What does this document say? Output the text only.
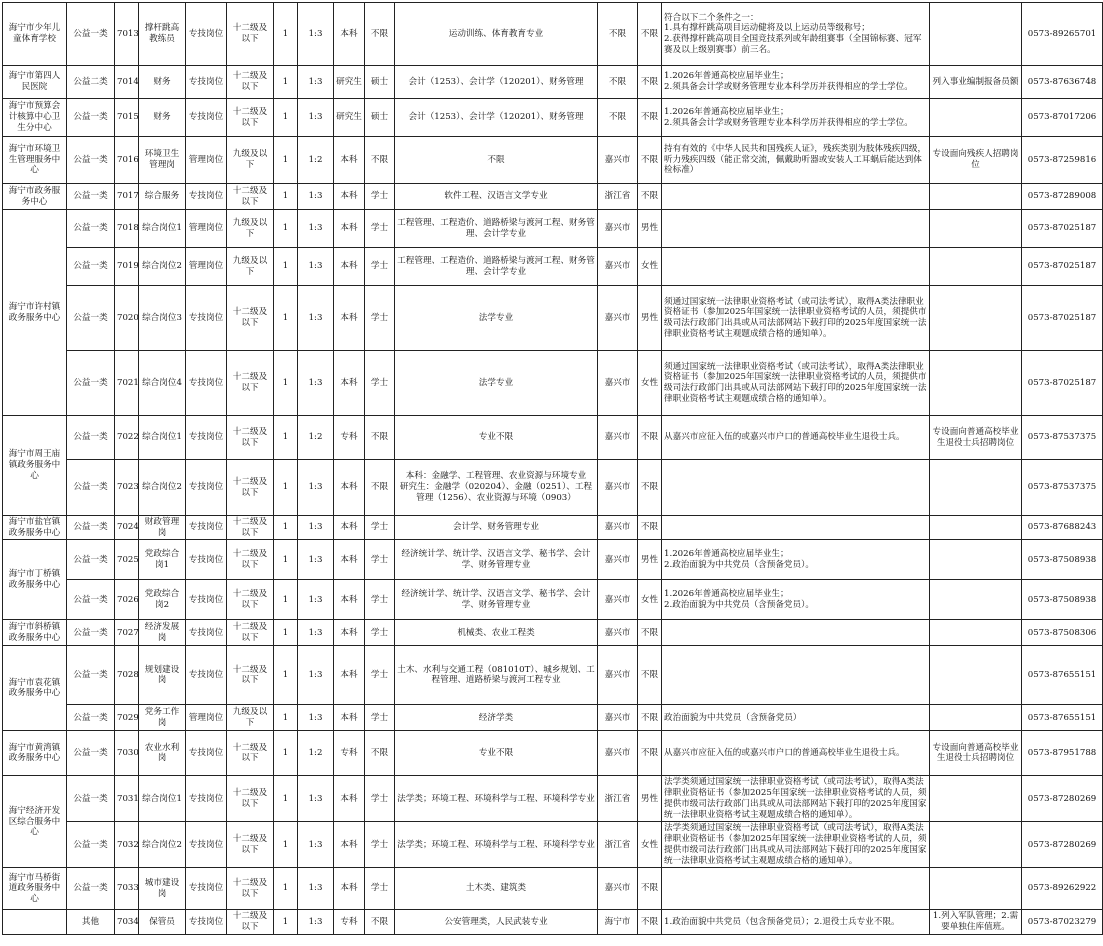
海宁市少年儿童体育学校	公益一类	7013	撑杆跳高教练员	专技岗位	十二级及以下	1	1:3	本科	不限	运动训练、体育教育专业	不限	不限	符合以下二个条件之一：
1.具有撑杆跳高项目运动健将及以上运动员等级称号；
2.获得撑杆跳高项目全国竞技系列或年龄组赛事（全国锦标赛、冠军赛及以上级别赛事）前三名。		0573-89265701
海宁市第四人民医院	公益二类	7014	财务	专技岗位	十二级及以下	1	1:3	研究生	硕士	会计（1253）、会计学（120201）、财务管理	不限	不限	1.2026年普通高校应届毕业生；
2.须具备会计学或财务管理专业本科学历并获得相应的学士学位。	列入事业编制报备员额	0573-87636748
海宁市预算会计核算中心卫生分中心	公益一类	7015	财务	专技岗位	十二级及以下	1	1:3	研究生	硕士	会计（1253）、会计学（120201）、财务管理	不限	不限	1.2026年普通高校应届毕业生；
2.须具备会计学或财务管理专业本科学历并获得相应的学士学位。		0573-87017206
海宁市环境卫生管理服务中心	公益一类	7016	环境卫生管理岗	管理岗位	九级及以下	1	1:2	本科	不限	不限	嘉兴市	不限	持有有效的《中华人民共和国残疾人证》，残疾类别为肢体残疾四级，听力残疾四级（能正常交流，佩戴助听器或安装人工耳蜗后能达到体检标准）	专设面向残疾人招聘岗位	0573-87259816
海宁市政务服务中心	公益一类	7017	综合服务	专技岗位	十二级及以下	1	1:3	本科	学士	软件工程、汉语言文学专业	浙江省	不限			0573-87289008
海宁市许村镇政务服务中心	公益一类	7018	综合岗位1	管理岗位	九级及以下	1	1:3	本科	学士	工程管理、工程造价、道路桥梁与渡河工程、财务管理、会计学专业	嘉兴市	男性			0573-87025187
	公益一类	7019	综合岗位2	管理岗位	九级及以下	1	1:3	本科	学士	工程管理、工程造价、道路桥梁与渡河工程、财务管理、会计学专业	嘉兴市	女性			0573-87025187
	公益一类	7020	综合岗位3	专技岗位	十二级及以下	1	1:3	本科	学士	法学专业	嘉兴市	男性	须通过国家统一法律职业资格考试（或司法考试），取得A类法律职业资格证书（参加2025年国家统一法律职业资格考试的人员，须提供市级司法行政部门出具或从司法部网站下载打印的2025年度国家统一法律职业资格考试主观题成绩合格的通知单）。		0573-87025187
	公益一类	7021	综合岗位4	专技岗位	十二级及以下	1	1:3	本科	学士	法学专业	嘉兴市	女性	须通过国家统一法律职业资格考试（或司法考试），取得A类法律职业资格证书（参加2025年国家统一法律职业资格考试的人员，须提供市级司法行政部门出具或从司法部网站下载打印的2025年度国家统一法律职业资格考试主观题成绩合格的通知单）。		0573-87025187
海宁市周王庙镇政务服务中心	公益一类	7022	综合岗位1	专技岗位	十二级及以下	1	1:2	专科	不限	专业不限	嘉兴市	不限	从嘉兴市应征入伍的或嘉兴市户口的普通高校毕业生退役士兵。	专设面向普通高校毕业生退役士兵招聘岗位	0573-87537375
	公益一类	7023	综合岗位2	专技岗位	十二级及以下	1	1:3	本科	不限	本科：金融学、工程管理、农业资源与环境专业
研究生：金融学（020204）、金融（0251）、工程管理（1256）、农业资源与环境（0903）	嘉兴市	不限			0573-87537375
海宁市盐官镇政务服务中心	公益一类	7024	财政管理岗	专技岗位	十二级及以下	1	1:3	本科	学士	会计学、财务管理专业	嘉兴市	不限			0573-87688243
海宁市丁桥镇政务服务中心	公益一类	7025	党政综合岗1	专技岗位	十二级及以下	1	1:3	本科	学士	经济统计学、统计学、汉语言文学、秘书学、会计学、财务管理专业	嘉兴市	男性	1.2026年普通高校应届毕业生；
2.政治面貌为中共党员（含预备党员）。		0573-87508938
	公益一类	7026	党政综合岗2	专技岗位	十二级及以下	1	1:3	本科	学士	经济统计学、统计学、汉语言文学、秘书学、会计学、财务管理专业	嘉兴市	女性	1.2026年普通高校应届毕业生；
2.政治面貌为中共党员（含预备党员）。		0573-87508938
海宁市斜桥镇政务服务中心	公益一类	7027	经济发展岗	专技岗位	十二级及以下	1	1:3	本科	学士	机械类、农业工程类	嘉兴市	不限			0573-87508306
海宁市袁花镇政务服务中心	公益一类	7028	规划建设岗	专技岗位	十二级及以下	1	1:3	本科	学士	土木、水利与交通工程（081010T）、城乡规划、工程管理、道路桥梁与渡河工程专业	嘉兴市	不限			0573-87655151
	公益一类	7029	党务工作岗	管理岗位	九级及以下	1	1:3	本科	学士	经济学类	嘉兴市	不限	政治面貌为中共党员（含预备党员）		0573-87655151
海宁市黄湾镇政务服务中心	公益一类	7030	农业水利岗	专技岗位	十二级及以下	1	1:2	专科	不限	专业不限	嘉兴市	不限	从嘉兴市应征入伍的或嘉兴市户口的普通高校毕业生退役士兵。	专设面向普通高校毕业生退役士兵招聘岗位	0573-87951788
海宁经济开发区综合服务中心	公益一类	7031	综合岗位1	专技岗位	十二级及以下	1	1:3	本科	学士	法学类；环境工程、环境科学与工程、环境科学专业	浙江省	男性	法学类须通过国家统一法律职业资格考试（或司法考试），取得A类法律职业资格证书（参加2025年国家统一法律职业资格考试的人员，须提供市级司法行政部门出具或从司法部网站下载打印的2025年度国家统一法律职业资格考试主观题成绩合格的通知单）。		0573-87280269
	公益一类	7032	综合岗位2	专技岗位	十二级及以下	1	1:3	本科	学士	法学类；环境工程、环境科学与工程、环境科学专业	浙江省	女性	法学类须通过国家统一法律职业资格考试（或司法考试），取得A类法律职业资格证书（参加2025年国家统一法律职业资格考试的人员，须提供市级司法行政部门出具或从司法部网站下载打印的2025年度国家统一法律职业资格考试主观题成绩合格的通知单）。		0573-87280269
海宁市马桥街道政务服务中心	公益一类	7033	城市建设岗	专技岗位	十二级及以下	1	1:3	本科	学士	土木类、建筑类	嘉兴市	不限			0573-89262922
	其他	7034	保管员	专技岗位	十二级及以下	1	1:3	专科	不限	公安管理类，人民武装专业	海宁市	不限	1.政治面貌中共党员（包含预备党员）；2.退役士兵专业不限。	1.列入军队管理；2.需要单独住库值班。	0573-87023279
